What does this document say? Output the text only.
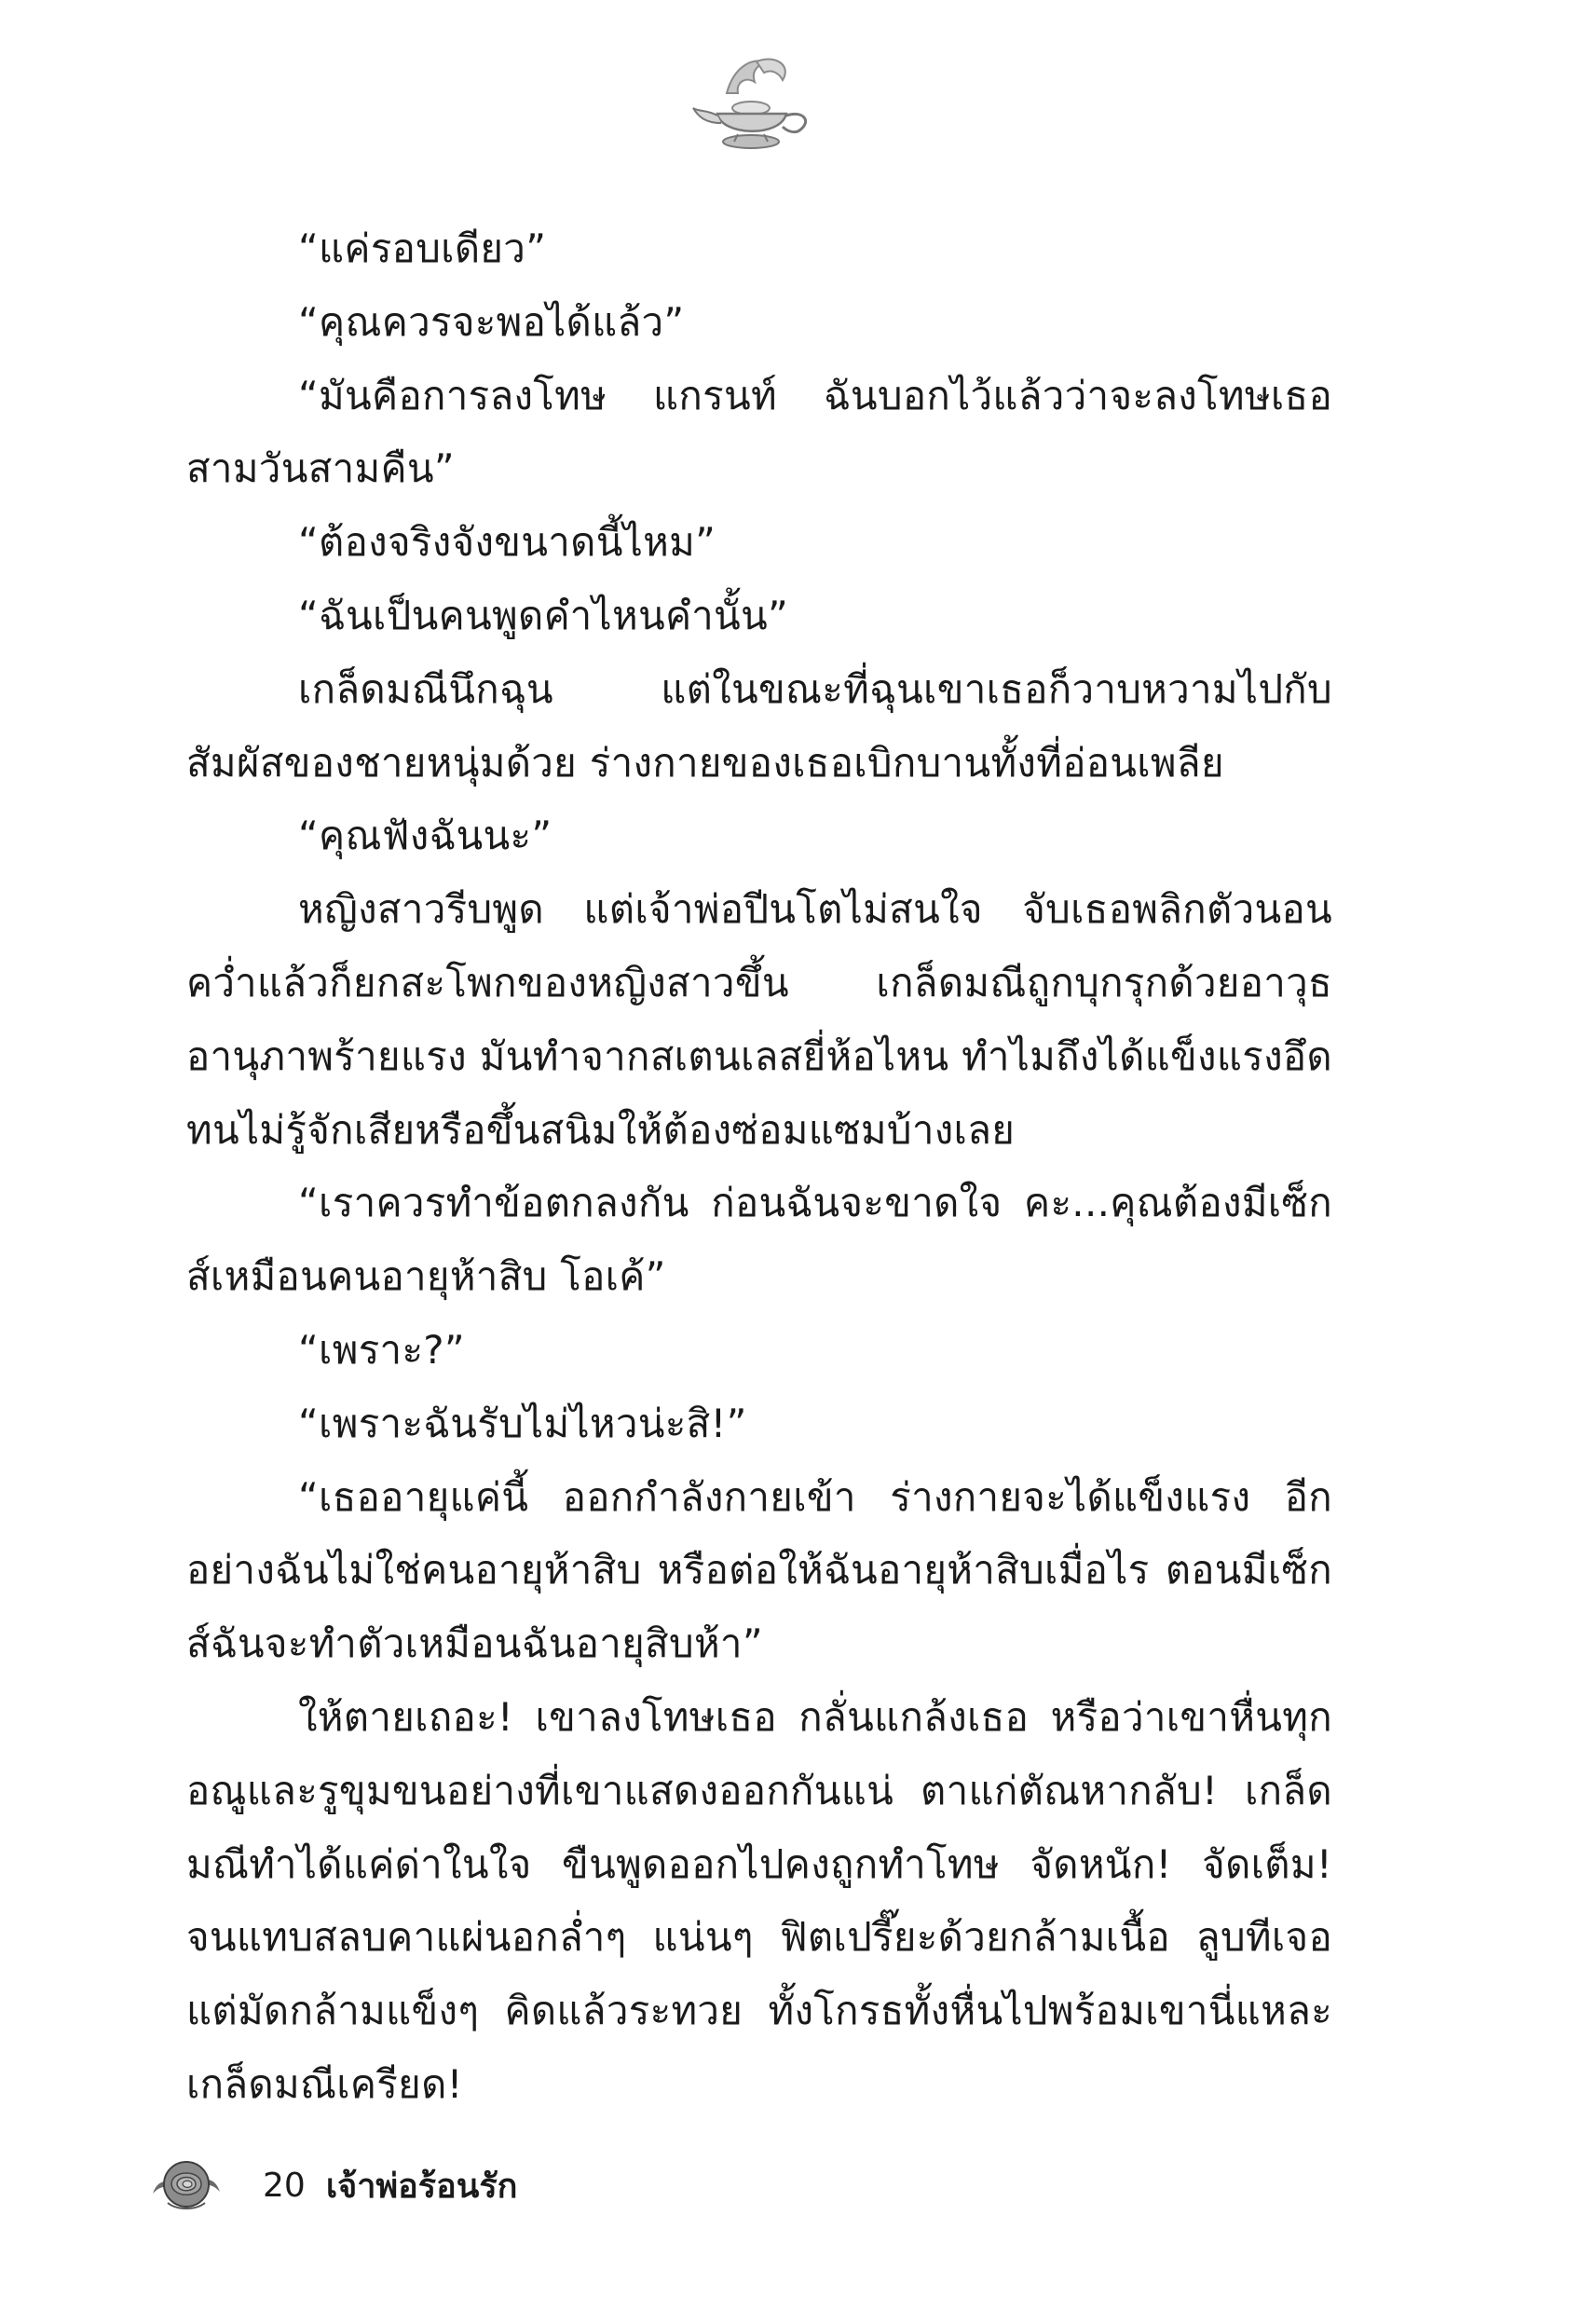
“แค่รอบเดียว”

“คุณควรจะพอได้แล้ว”

“มันคือการลงโทษ แกรนท์ ฉันบอกไว้แล้วว่าจะลงโทษเธอสามวันสามคืน”

“ต้องจริงจังขนาดนี้ไหม”

“ฉันเป็นคนพูดคำไหนคำนั้น”

เกล็ดมณีนึกฉุน แต่ในขณะที่ฉุนเขาเธอก็วาบหวามไปกับสัมผัสของชายหนุ่มด้วย ร่างกายของเธอเบิกบานทั้งที่อ่อนเพลีย

“คุณฟังฉันนะ”

หญิงสาวรีบพูด แต่เจ้าพ่อปีนโตไม่สนใจ จับเธอพลิกตัวนอนคว่ำแล้วก็ยกสะโพกของหญิงสาวขึ้น เกล็ดมณีถูกบุกรุกด้วยอาวุธอานุภาพร้ายแรง มันทำจากสเตนเลสยี่ห้อไหน ทำไมถึงได้แข็งแรงอึดทนไม่รู้จักเสียหรือขึ้นสนิมให้ต้องซ่อมแซมบ้างเลย

“เราควรทำข้อตกลงกัน ก่อนฉันจะขาดใจ คะ...คุณต้องมีเซ็กส์เหมือนคนอายุห้าสิบ โอเค้”

“เพราะ?”

“เพราะฉันรับไม่ไหวน่ะสิ!”

“เธออายุแค่นี้ ออกกำลังกายเข้า ร่างกายจะได้แข็งแรง อีกอย่างฉันไม่ใช่คนอายุห้าสิบ หรือต่อให้ฉันอายุห้าสิบเมื่อไร ตอนมีเซ็กส์ฉันจะทำตัวเหมือนฉันอายุสิบห้า”

ให้ตายเถอะ! เขาลงโทษเธอ กลั่นแกล้งเธอ หรือว่าเขาหื่นทุกอณูและรูขุมขนอย่างที่เขาแสดงออกกันแน่ ตาแก่ตัณหากลับ! เกล็ดมณีทำได้แค่ด่าในใจ ขืนพูดออกไปคงถูกทำโทษ จัดหนัก! จัดเต็ม! จนแทบสลบคาแผ่นอกล่ำๆ แน่นๆ ฟิตเปรี๊ยะด้วยกล้ามเนื้อ ลูบทีเจอแต่มัดกล้ามแข็งๆ คิดแล้วระทวย ทั้งโกรธทั้งหื่นไปพร้อมเขานี่แหละเกล็ดมณีเครียด!

20 เจ้าพ่อร้อนรัก
